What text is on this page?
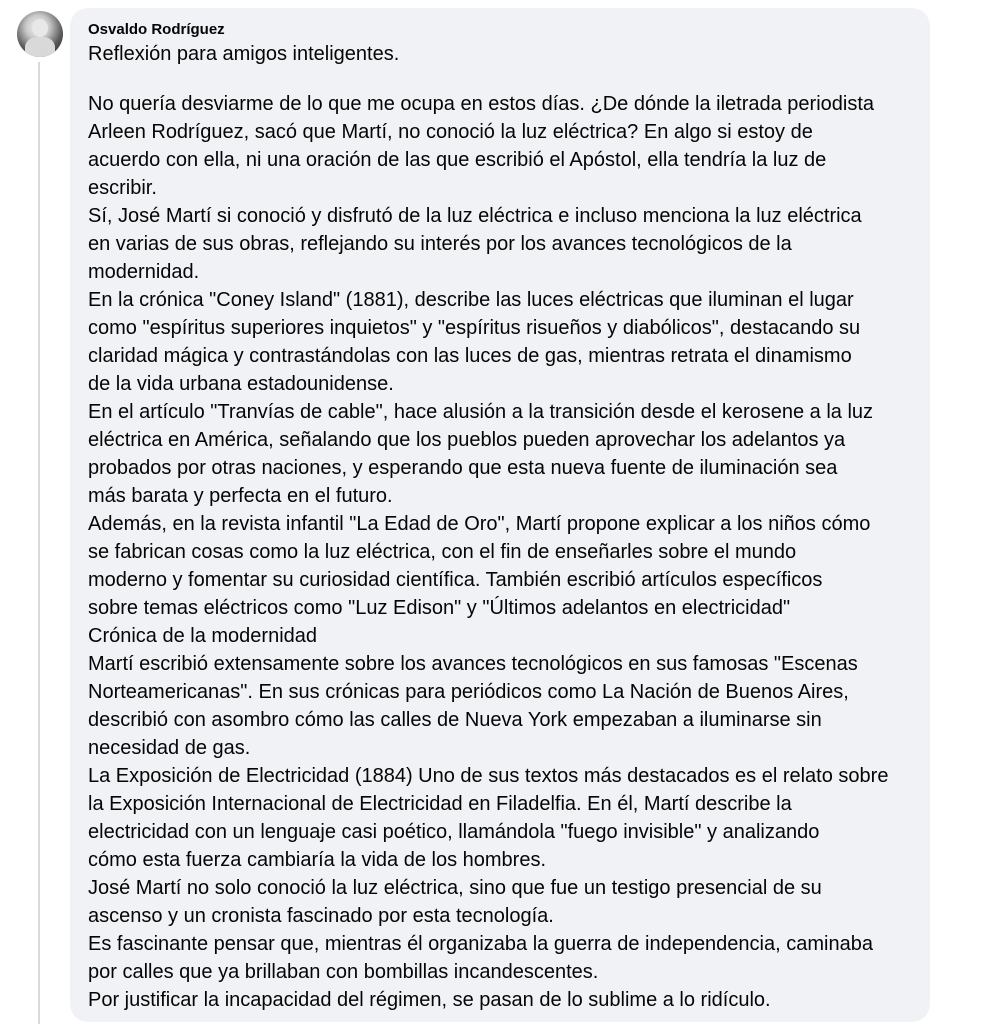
Osvaldo Rodríguez

Reflexión para amigos inteligentes.

No quería desviarme de lo que me ocupa en estos días. ¿De dónde la iletrada periodista

Arleen Rodríguez, sacó que Martí, no conoció la luz eléctrica? En algo si estoy de

acuerdo con ella, ni una oración de las que escribió el Apóstol, ella tendría la luz de

escribir.

Sí, José Martí si conoció y disfrutó de la luz eléctrica e incluso menciona la luz eléctrica

en varias de sus obras, reflejando su interés por los avances tecnológicos de la

modernidad.

En la crónica "Coney Island" (1881), describe las luces eléctricas que iluminan el lugar

como "espíritus superiores inquietos" y "espíritus risueños y diabólicos", destacando su

claridad mágica y contrastándolas con las luces de gas, mientras retrata el dinamismo

de la vida urbana estadounidense.

En el artículo "Tranvías de cable", hace alusión a la transición desde el kerosene a la luz

eléctrica en América, señalando que los pueblos pueden aprovechar los adelantos ya

probados por otras naciones, y esperando que esta nueva fuente de iluminación sea

más barata y perfecta en el futuro.

Además, en la revista infantil "La Edad de Oro", Martí propone explicar a los niños cómo

se fabrican cosas como la luz eléctrica, con el fin de enseñarles sobre el mundo

moderno y fomentar su curiosidad científica. También escribió artículos específicos

sobre temas eléctricos como "Luz Edison" y "Últimos adelantos en electricidad"

Crónica de la modernidad

Martí escribió extensamente sobre los avances tecnológicos en sus famosas "Escenas

Norteamericanas". En sus crónicas para periódicos como La Nación de Buenos Aires,

describió con asombro cómo las calles de Nueva York empezaban a iluminarse sin

necesidad de gas.

La Exposición de Electricidad (1884) Uno de sus textos más destacados es el relato sobre

la Exposición Internacional de Electricidad en Filadelfia. En él, Martí describe la

electricidad con un lenguaje casi poético, llamándola "fuego invisible" y analizando

cómo esta fuerza cambiaría la vida de los hombres.

José Martí no solo conoció la luz eléctrica, sino que fue un testigo presencial de su

ascenso y un cronista fascinado por esta tecnología.

Es fascinante pensar que, mientras él organizaba la guerra de independencia, caminaba

por calles que ya brillaban con bombillas incandescentes.

Por justificar la incapacidad del régimen, se pasan de lo sublime a lo ridículo.
